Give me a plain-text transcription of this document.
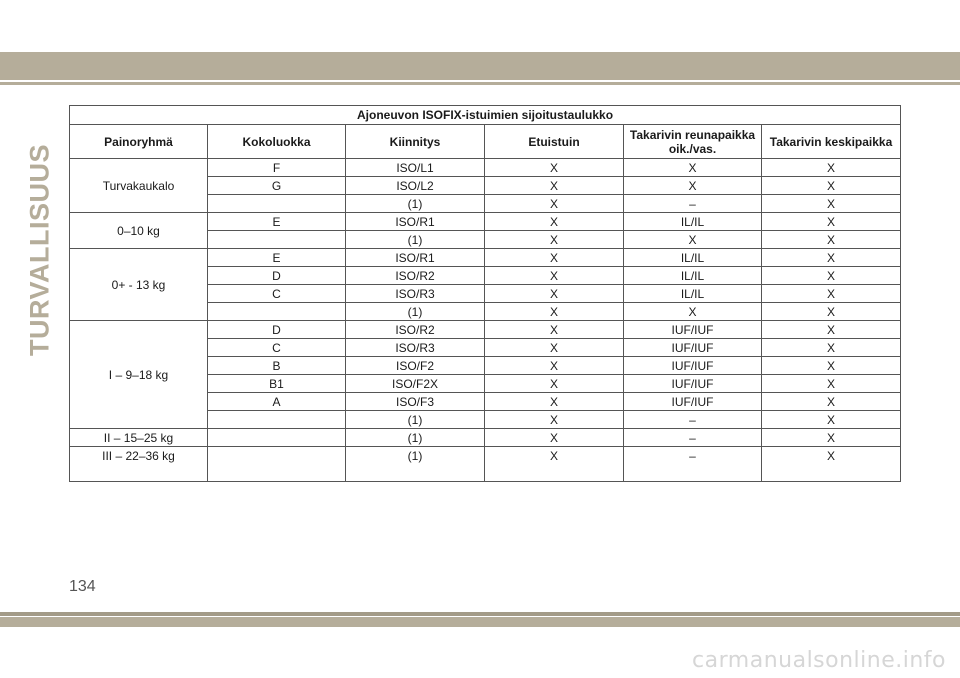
TURVALLISUUS
Ajoneuvon ISOFIX-istuimien sijoitustaulukko					
Painoryhmä	Kokoluokka	Kiinnitys	Etuistuin	Takarivin reunapaikka oik./vas.	Takarivin keskipaikka
Turvakaukalo	F	ISO/L1	X	X	X
	G	ISO/L2	X	X	X
		(1)	X	–	X
0–10 kg	E	ISO/R1	X	IL/IL	X
		(1)	X	X	X
0+ - 13 kg	E	ISO/R1	X	IL/IL	X
	D	ISO/R2	X	IL/IL	X
	C	ISO/R3	X	IL/IL	X
		(1)	X	X	X
I – 9–18 kg	D	ISO/R2	X	IUF/IUF	X
	C	ISO/R3	X	IUF/IUF	X
	B	ISO/F2	X	IUF/IUF	X
	B1	ISO/F2X	X	IUF/IUF	X
	A	ISO/F3	X	IUF/IUF	X
		(1)	X	–	X
II – 15–25 kg		(1)	X	–	X
III – 22–36 kg		(1)	X	–	X
134
carmanualsonline.info
